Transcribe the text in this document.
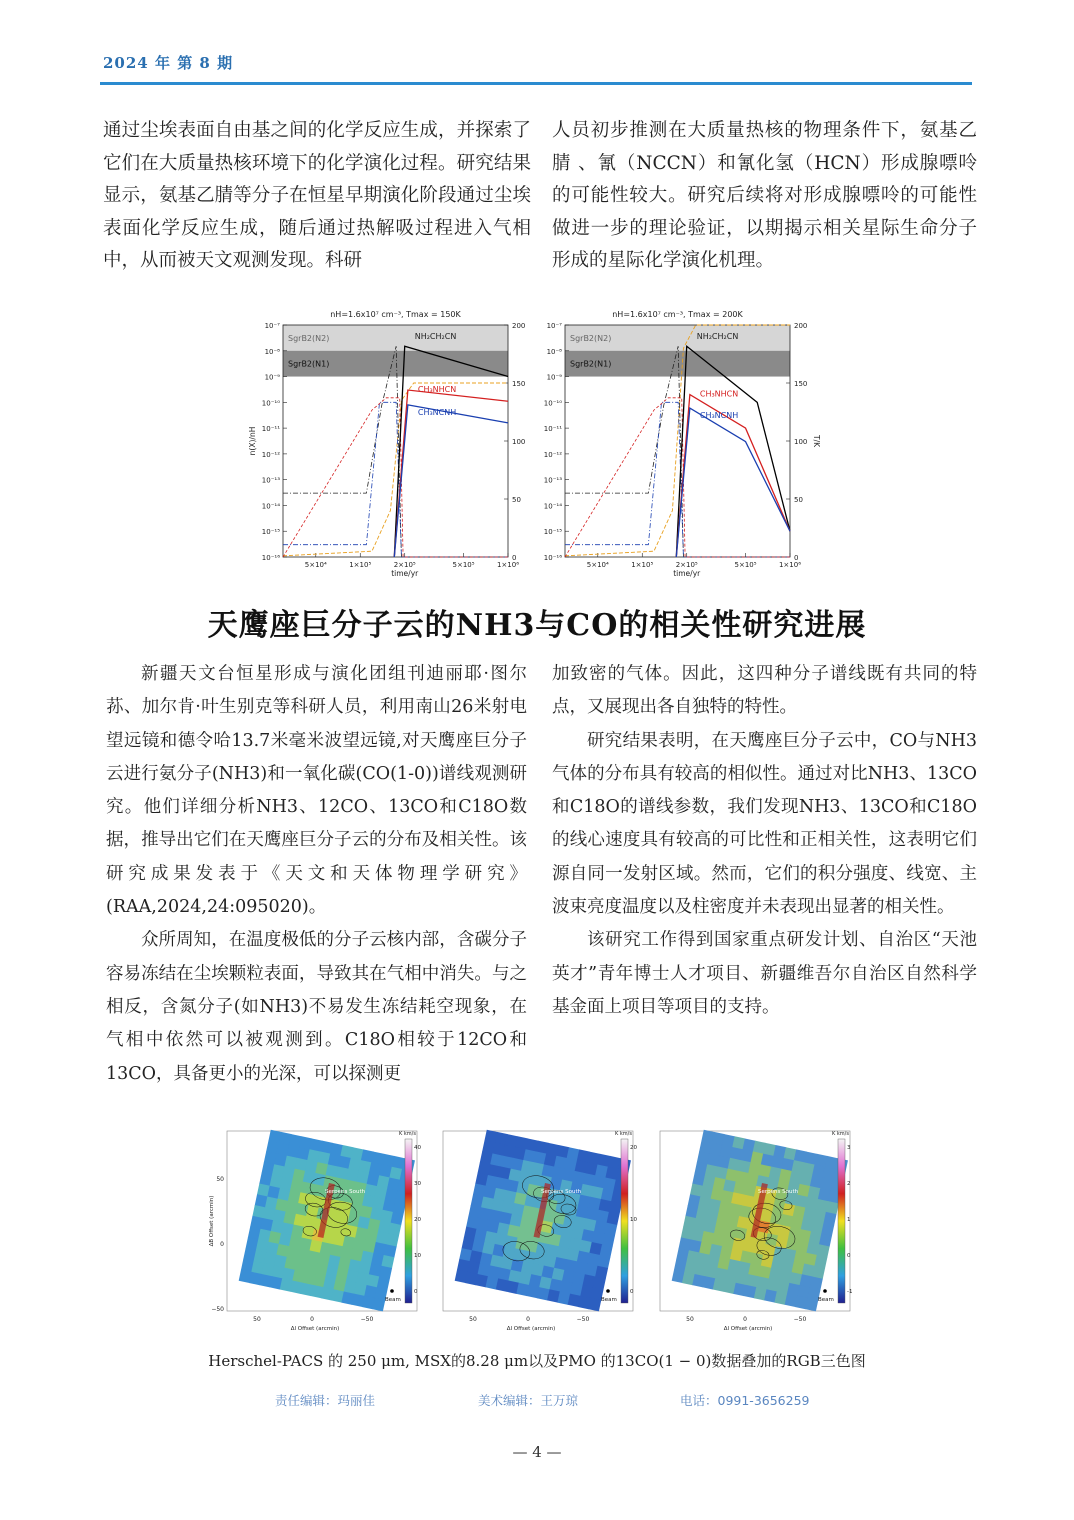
2024 年 第 8 期

通过尘埃表面自由基之间的化学反应生成，并探索了它们在大质量热核环境下的化学演化过程。研究结果显示，氨基乙腈等分子在恒星早期演化阶段通过尘埃表面化学反应生成，随后通过热解吸过程进入气相中，从而被天文观测发现。科研

人员初步推测在大质量热核的物理条件下，氨基乙腈 、氰（NCCN）和氰化氢（HCN）形成腺嘌呤的可能性较大。研究后续将对形成腺嘌呤的可能性做进一步的理论验证，以期揭示相关星际生命分子形成的星际化学演化机理。

nH=1.6x10⁷ cm⁻³, Tmax = 150K
SgrB2(N2)
SgrB2(N1)
10⁻⁷
10⁻⁸
10⁻⁹
10⁻¹⁰
10⁻¹¹
10⁻¹²
10⁻¹³
10⁻¹⁴
10⁻¹⁵
10⁻¹⁶
200
150
100
50
0
5×10⁴	1×10⁵	2×10⁵	5×10⁵	1×10⁶
time/yr
n(X)/nH
NH₂CH₂CN
CH₃NHCN
CH₃NCNH
nH=1.6x10⁷ cm⁻³, Tmax = 200K
SgrB2(N2)
SgrB2(N1)
10⁻⁷
10⁻⁸
10⁻⁹
10⁻¹⁰
10⁻¹¹
10⁻¹²
10⁻¹³
10⁻¹⁴
10⁻¹⁵
10⁻¹⁶
200
150
100
50
0
5×10⁴	1×10⁵	2×10⁵	5×10⁵	1×10⁶
time/yr
T/K
NH₂CH₂CN
CH₃NHCN
CH₃NCNH
天鹰座巨分子云的NH3与CO的相关性研究进展

新疆天文台恒星形成与演化团组刊迪丽耶·图尔荪、加尔肯·叶生别克等科研人员，利用南山26米射电望远镜和德令哈13.7米毫米波望远镜,对天鹰座巨分子云进行氨分子(NH3)和一氧化碳(CO(1-0))谱线观测研究。他们详细分析NH3、12CO、13CO和C18O数据，推导出它们在天鹰座巨分子云的分布及相关性。该研究成果发表于《天文和天体物理学研究》(RAA,2024,24:095020)。

众所周知，在温度极低的分子云核内部，含碳分子容易冻结在尘埃颗粒表面，导致其在气相中消失。与之相反，含氮分子(如NH3)不易发生冻结耗空现象，在气相中依然可以被观测到。C18O相较于12CO和13CO，具备更小的光深，可以探测更

加致密的气体。因此，这四种分子谱线既有共同的特点，又展现出各自独特的特性。

研究结果表明，在天鹰座巨分子云中，CO与NH3气体的分布具有较高的相似性。通过对比NH3、13CO和C18O的谱线参数，我们发现NH3、13CO和C18O的线心速度具有较高的可比性和正相关性，这表明它们源自同一发射区域。然而，它们的积分强度、线宽、主波束亮度温度以及柱密度并未表现出显著的相关性。

该研究工作得到国家重点研发计划、自治区“天池英才”青年博士人才项目、新疆维吾尔自治区自然科学基金面上项目等项目的支持。

Serpens South
Beam
K km/s
40
30
20
10
0
50	0	−50
Δl Offset (arcmin)
50
0
−50
ΔB Offset (arcmin)
Serpens South
Beam
K km/s
20
10
0
50	0	−50
Δl Offset (arcmin)
Serpens South
Beam
K km/s
3
2
1
0
-1
50	0	−50
Δl Offset (arcmin)
Herschel-PACS 的 250 μm, MSX的8.28 μm以及PMO 的13CO(1 − 0)数据叠加的RGB三色图
责任编辑：玛丽佳	美术编辑：王万琼	电话：0991-3656259
— 4 —
